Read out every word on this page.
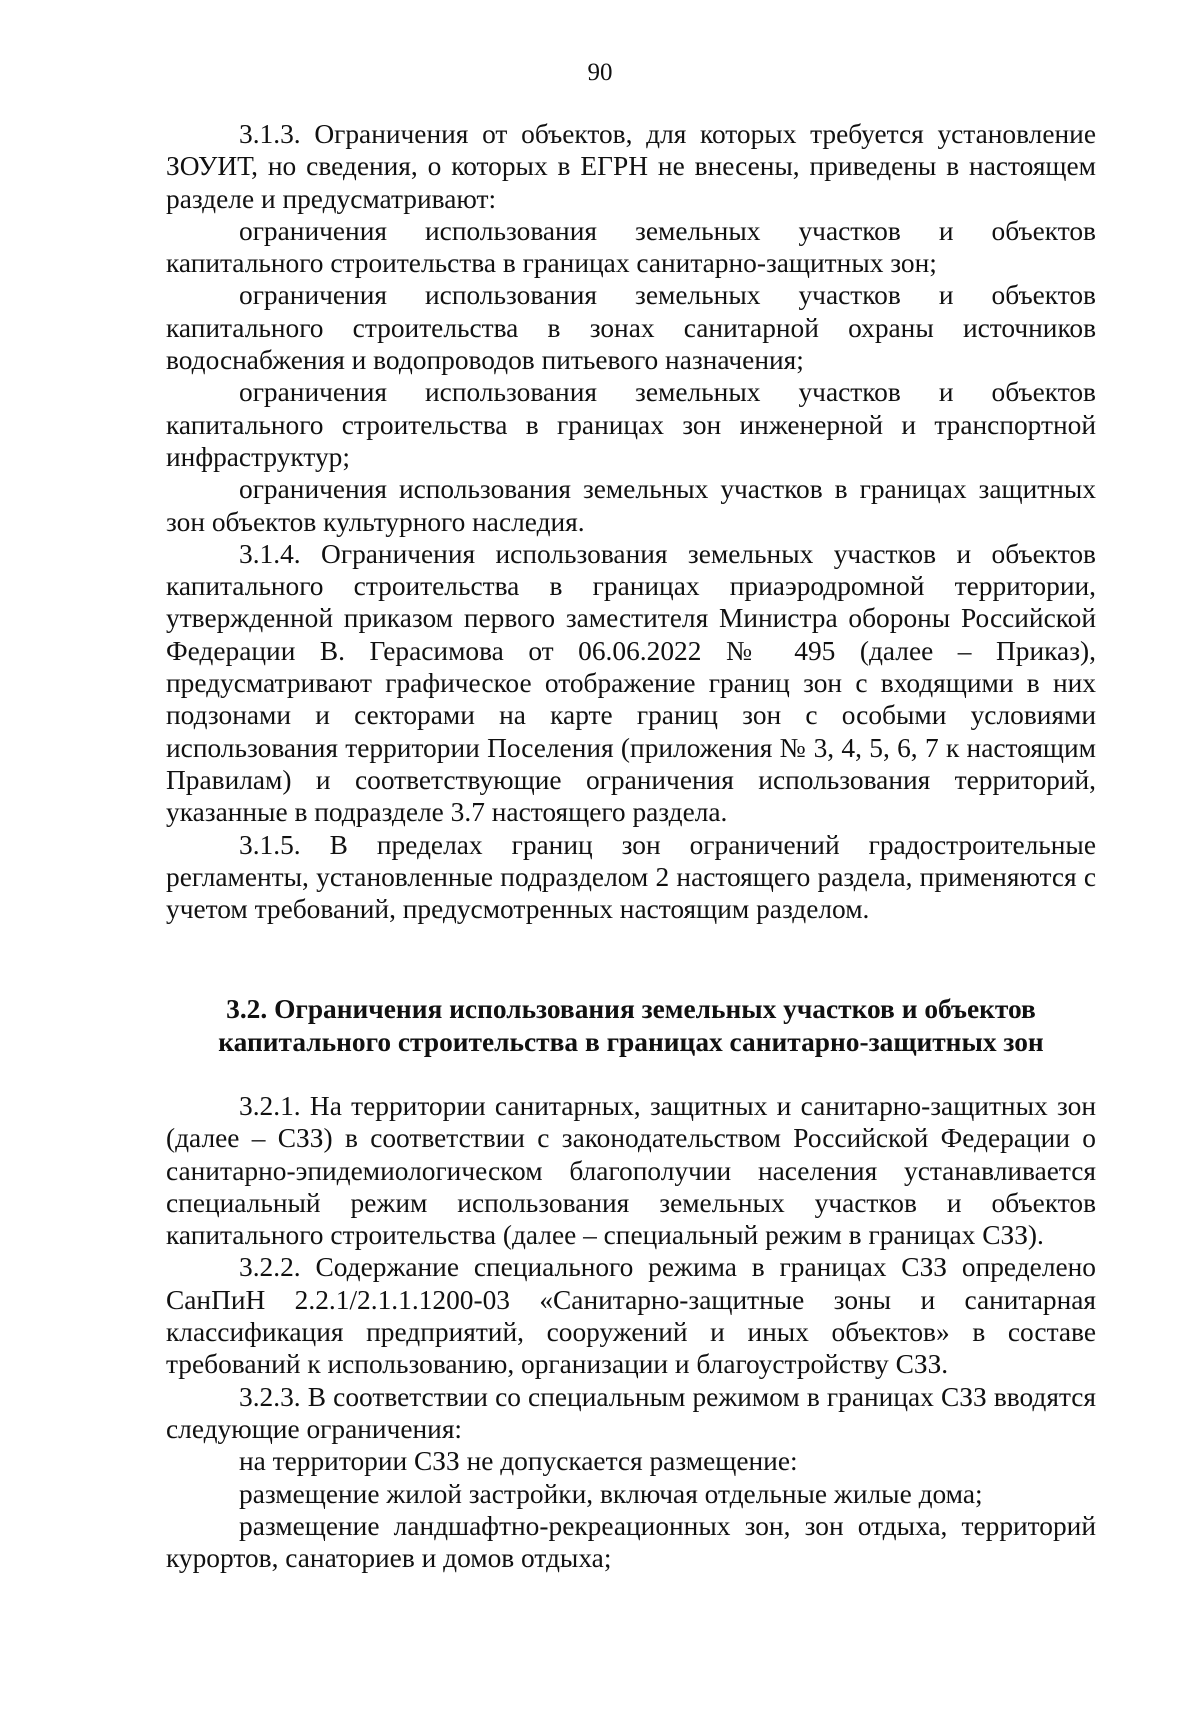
90

3.1.3. Ограничения от объектов, для которых требуется установление ЗОУИТ, но сведения, о которых в ЕГРН не внесены, приведены в настоящем разделе и предусматривают:

ограничения использования земельных участков и объектов капитального строительства в границах санитарно-защитных зон;

ограничения использования земельных участков и объектов капитального строительства в зонах санитарной охраны источников водоснабжения и водопроводов питьевого назначения;

ограничения использования земельных участков и объектов капитального строительства в границах зон инженерной и транспортной инфраструктур;

ограничения использования земельных участков в границах защитных зон объектов культурного наследия.

3.1.4. Ограничения использования земельных участков и объектов капитального строительства в границах приаэродромной территории, утвержденной приказом первого заместителя Министра обороны Российской Федерации В. Герасимова от 06.06.2022 № 495 (далее – Приказ), предусматривают графическое отображение границ зон с входящими в них подзонами и секторами на карте границ зон с особыми условиями использования территории Поселения (приложения № 3, 4, 5, 6, 7 к настоящим Правилам) и соответствующие ограничения использования территорий, указанные в подразделе 3.7 настоящего раздела.

3.1.5. В пределах границ зон ограничений градостроительные регламенты, установленные подразделом 2 настоящего раздела, применяются с учетом требований, предусмотренных настоящим разделом.

3.2. Ограничения использования земельных участков и объектов
капитального строительства в границах санитарно-защитных зон

3.2.1. На территории санитарных, защитных и санитарно-защитных зон (далее – СЗЗ) в соответствии с законодательством Российской Федерации о санитарно-эпидемиологическом благополучии населения устанавливается специальный режим использования земельных участков и объектов капитального строительства (далее – специальный режим в границах СЗЗ).

3.2.2. Содержание специального режима в границах СЗЗ определено СанПиН 2.2.1/2.1.1.1200-03 «Санитарно-защитные зоны и санитарная классификация предприятий, сооружений и иных объектов» в составе требований к использованию, организации и благоустройству СЗЗ.

3.2.3. В соответствии со специальным режимом в границах СЗЗ вводятся следующие ограничения:

на территории СЗЗ не допускается размещение:

размещение жилой застройки, включая отдельные жилые дома;

размещение ландшафтно-рекреационных зон, зон отдыха, территорий курортов, санаториев и домов отдыха;
